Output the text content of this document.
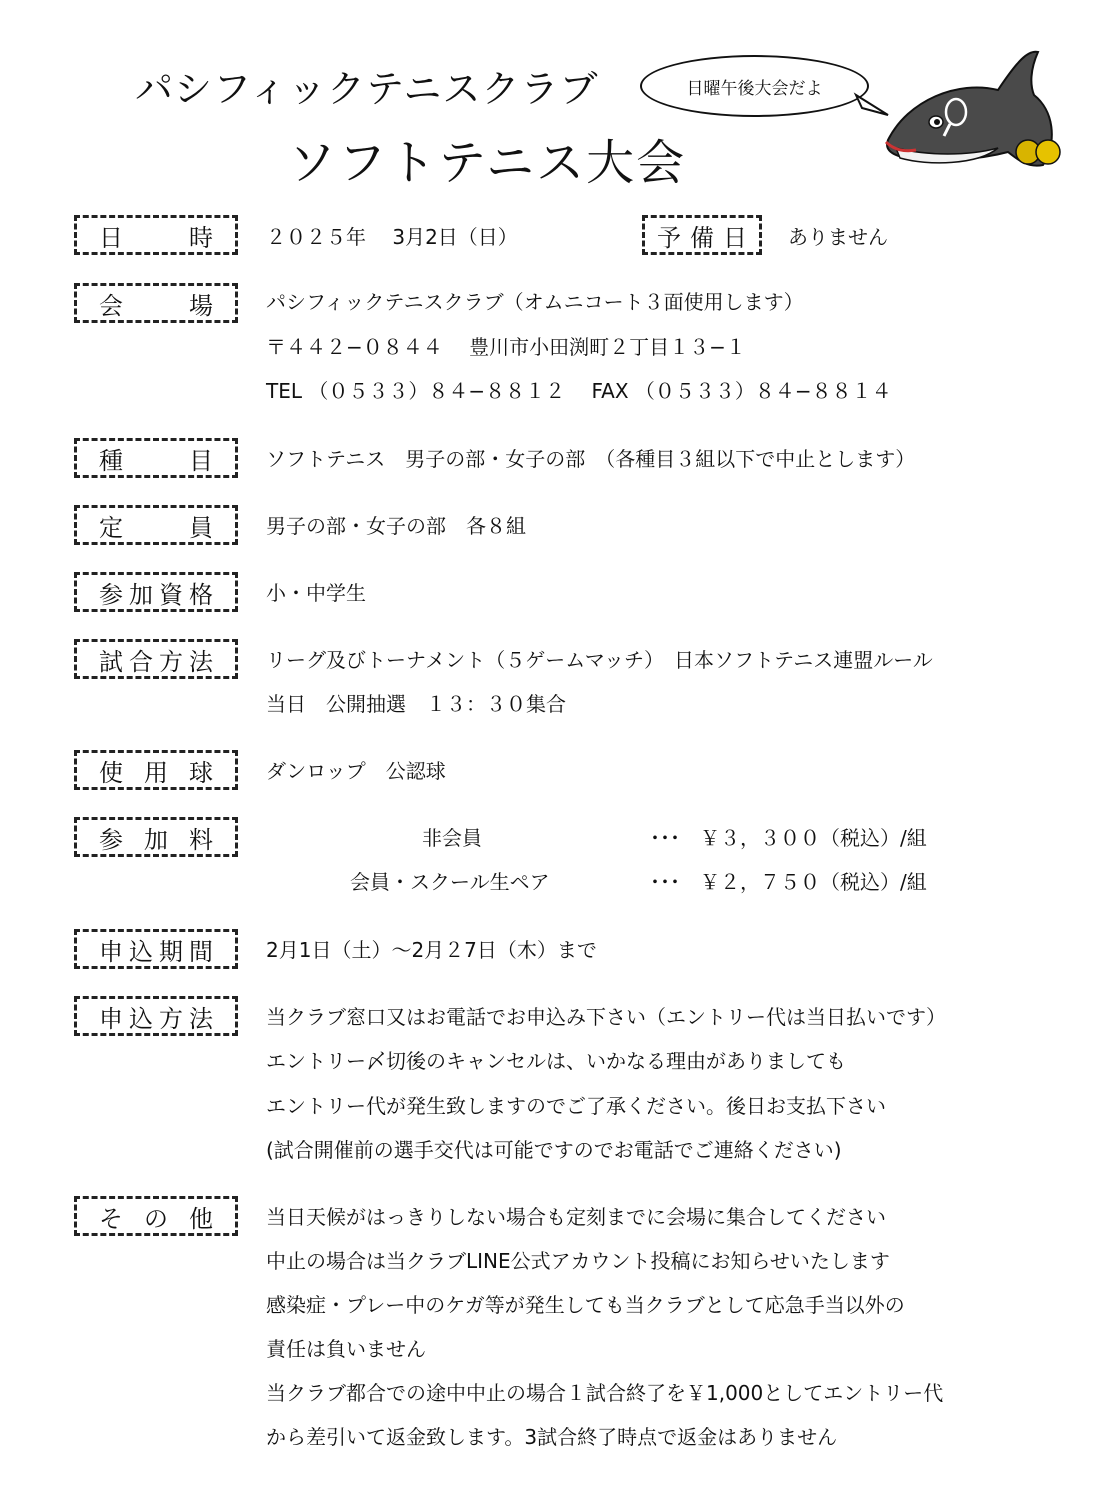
パシフィックテニスクラブ
ソフトテニス大会
日曜午後大会だよ
日	時	２０２５年　 3月2日（日）	予 備 日 ありません
会	場	パシフィックテニスクラブ（オムニコート３面使用します）
〒４４２−０８４４　 豊川市小田渕町２丁目１３−１
TEL （０５３３）８４−８８１２　 FAX （０５３３）８４−８８１４
種	目	ソフトテニス　男子の部・女子の部　（各種目３組以下で中止とします）
定	員	男子の部・女子の部　各８組
参 加 資 格	小・中学生
試 合 方 法	リーグ及びトーナメント（５ゲームマッチ）　日本ソフトテニス連盟ルール
当日　公開抽選　１３：３０集合
使 用 球	ダンロップ　公認球
参 加 料	非会員	･･･　￥３，３００（税込）/組
会員・スクール生ペア	･･･　￥２，７５０（税込）/組
申 込 期 間	2月1日（土）～2月２7日（木）まで
申 込 方 法	当クラブ窓口又はお電話でお申込み下さい（エントリー代は当日払いです）
エントリー〆切後のキャンセルは、いかなる理由がありましても
エントリー代が発生致しますのでご了承ください。後日お支払下さい
(試合開催前の選手交代は可能ですのでお電話でご連絡ください)
そ の 他	当日天候がはっきりしない場合も定刻までに会場に集合してください
中止の場合は当クラブLINE公式アカウント投稿にお知らせいたします
感染症・プレー中のケガ等が発生しても当クラブとして応急手当以外の
責任は負いません
当クラブ都合での途中中止の場合１試合終了を￥1,000としてエントリー代
から差引いて返金致します。3試合終了時点で返金はありません
